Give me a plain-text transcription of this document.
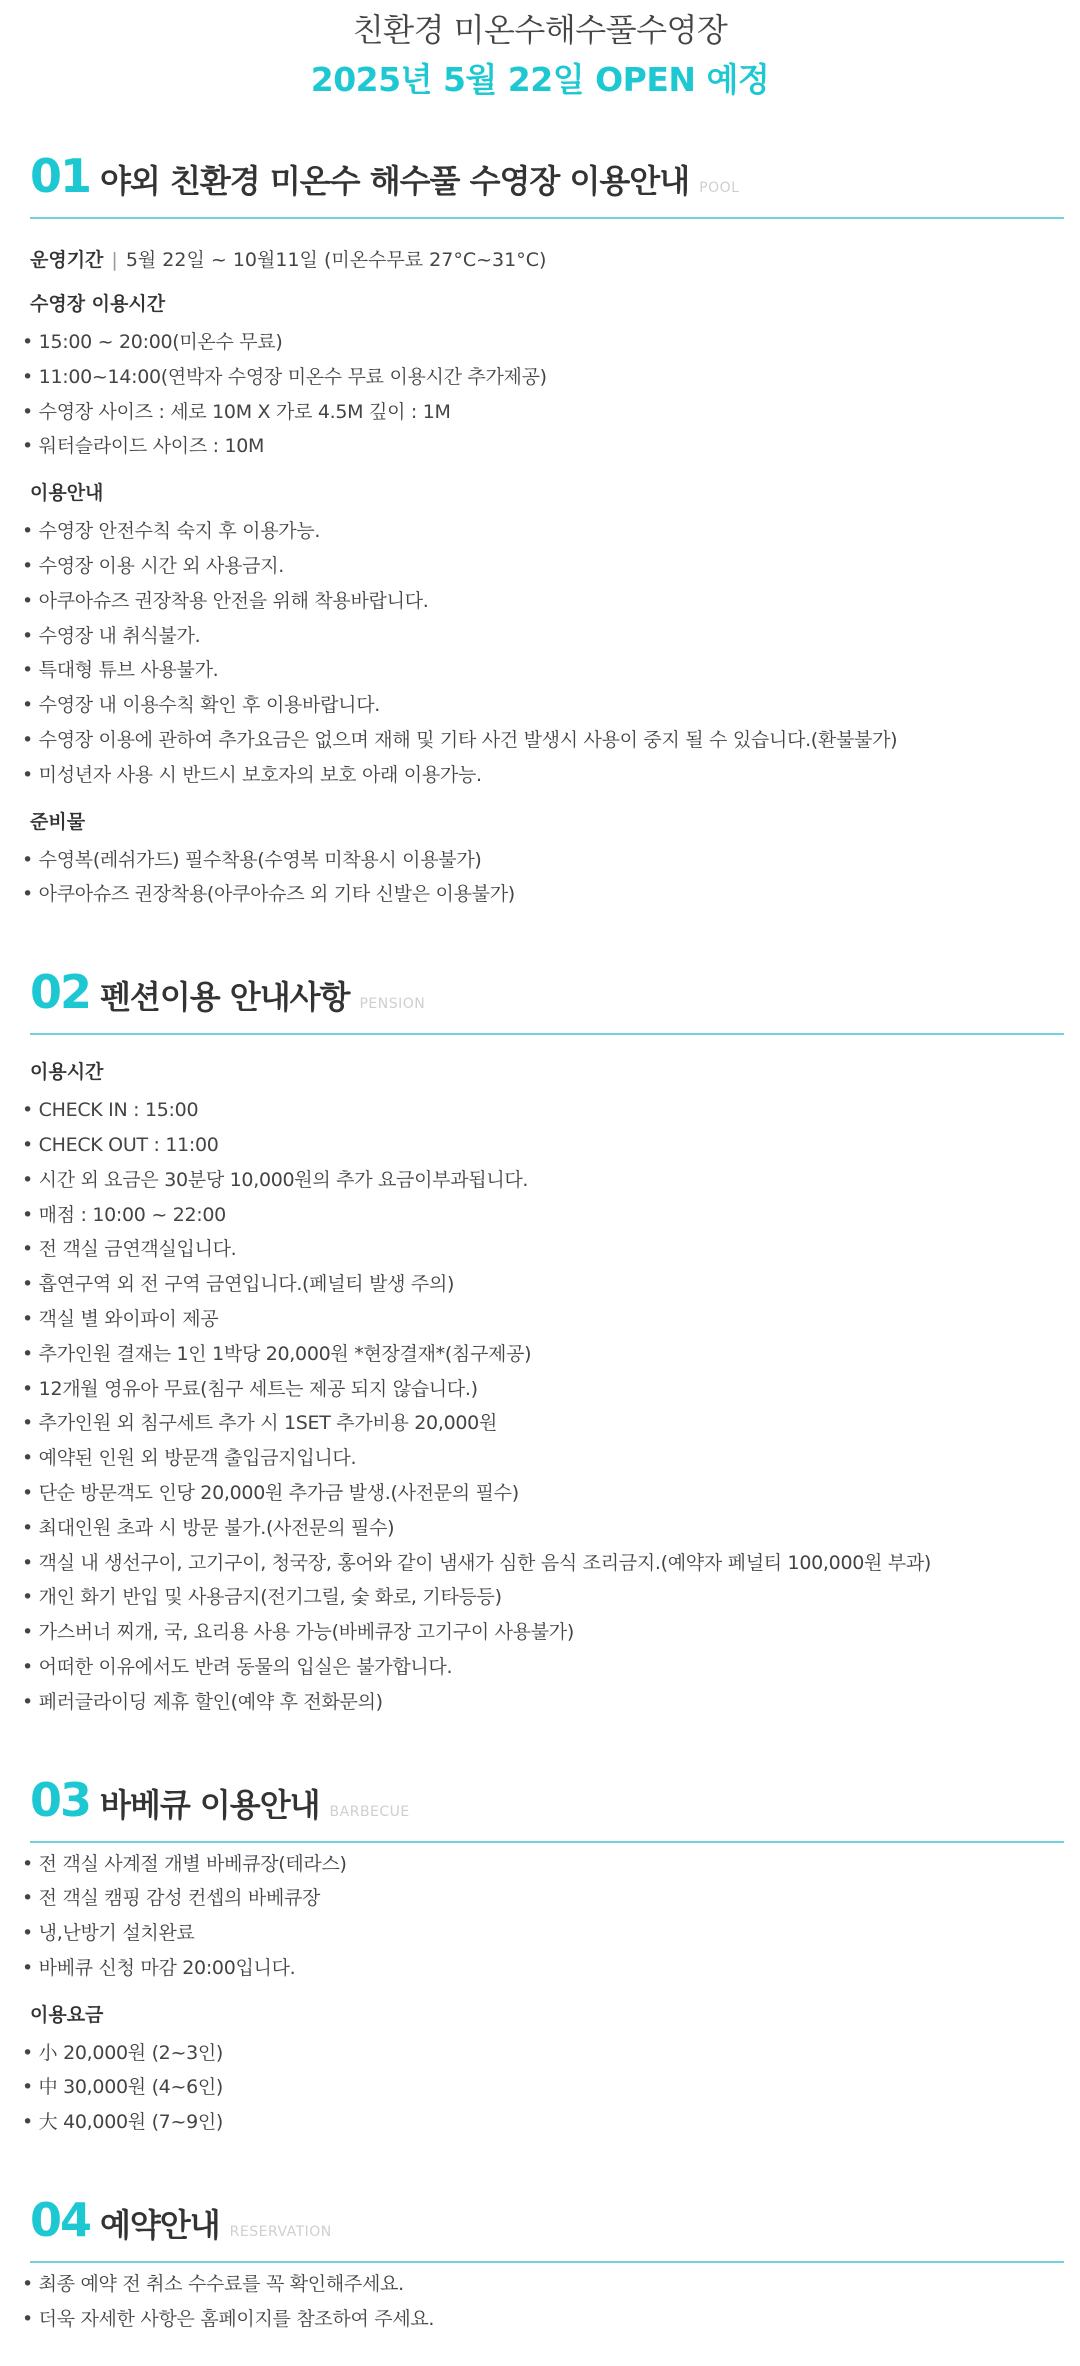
친환경 미온수해수풀수영장
2025년 5월 22일 OPEN 예정
01 야외 친환경 미온수 해수풀 수영장 이용안내 POOL
운영기간 | 5월 22일 ~ 10월11일 (미온수무료 27°C~31°C)
수영장 이용시간
• 15:00 ~ 20:00(미온수 무료)
• 11:00~14:00(연박자 수영장 미온수 무료 이용시간 추가제공)
• 수영장 사이즈 : 세로 10M X 가로 4.5M 깊이 : 1M
• 워터슬라이드 사이즈 : 10M
이용안내
• 수영장 안전수칙 숙지 후 이용가능.
• 수영장 이용 시간 외 사용금지.
• 아쿠아슈즈 권장착용 안전을 위해 착용바랍니다.
• 수영장 내 취식불가.
• 특대형 튜브 사용불가.
• 수영장 내 이용수칙 확인 후 이용바랍니다.
• 수영장 이용에 관하여 추가요금은 없으며 재해 및 기타 사건 발생시 사용이 중지 될 수 있습니다.(환불불가)
• 미성년자 사용 시 반드시 보호자의 보호 아래 이용가능.
준비물
• 수영복(레쉬가드) 필수착용(수영복 미착용시 이용불가)
• 아쿠아슈즈 권장착용(아쿠아슈즈 외 기타 신발은 이용불가)
02 펜션이용 안내사항 PENSION
이용시간
• CHECK IN : 15:00
• CHECK OUT : 11:00
• 시간 외 요금은 30분당 10,000원의 추가 요금이부과됩니다.
• 매점 : 10:00 ~ 22:00
• 전 객실 금연객실입니다.
• 흡연구역 외 전 구역 금연입니다.(페널티 발생 주의)
• 객실 별 와이파이 제공
• 추가인원 결재는 1인 1박당 20,000원 *현장결재*(침구제공)
• 12개월 영유아 무료(침구 세트는 제공 되지 않습니다.)
• 추가인원 외 침구세트 추가 시 1SET 추가비용 20,000원
• 예약된 인원 외 방문객 출입금지입니다.
• 단순 방문객도 인당 20,000원 추가금 발생.(사전문의 필수)
• 최대인원 초과 시 방문 불가.(사전문의 필수)
• 객실 내 생선구이, 고기구이, 청국장, 홍어와 같이 냄새가 심한 음식 조리금지.(예약자 페널티 100,000원 부과)
• 개인 화기 반입 및 사용금지(전기그릴, 숯 화로, 기타등등)
• 가스버너 찌개, 국, 요리용 사용 가능(바베큐장 고기구이 사용불가)
• 어떠한 이유에서도 반려 동물의 입실은 불가합니다.
• 페러글라이딩 제휴 할인(예약 후 전화문의)
03 바베큐 이용안내 BARBECUE
• 전 객실 사계절 개별 바베큐장(테라스)
• 전 객실 캠핑 감성 컨셉의 바베큐장
• 냉,난방기 설치완료
• 바베큐 신청 마감 20:00입니다.
이용요금
• 小 20,000원 (2~3인)
• 中 30,000원 (4~6인)
• 大 40,000원 (7~9인)
04 예약안내 RESERVATION
• 최종 예약 전 취소 수수료를 꼭 확인해주세요.
• 더욱 자세한 사항은 홈페이지를 참조하여 주세요.
